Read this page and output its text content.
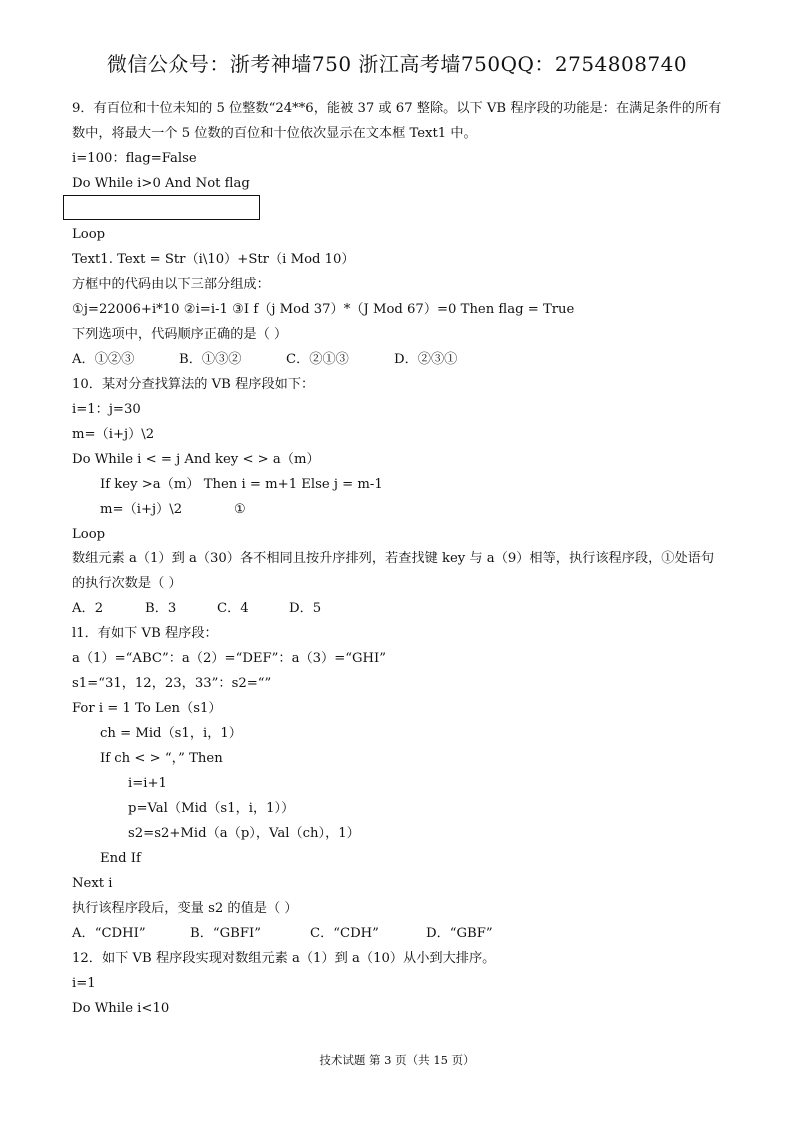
微信公众号：浙考神墙750 浙江高考墙750QQ：2754808740
9．有百位和十位未知的 5 位整数“24**6，能被 37 或 67 整除。以下 VB 程序段的功能是：在满足条件的所有数中，将最大一个 5 位数的百位和十位依次显示在文本框 Text1 中。
i=100：flag=False
Do While i>0 And Not flag
Loop
Text1. Text = Str（i\10）+Str（i Mod 10）
方框中的代码由以下三部分组成：
①j=22006+i*10 ②i=i-1 ③I f（j Mod 37）*（J Mod 67）=0 Then flag = True
下列选项中，代码顺序正确的是（ ）
A．①②③	B．①③②	C．②①③	D．②③①
10．某对分查找算法的 VB 程序段如下：
i=1：j=30
m=（i+j）\2
Do While i < = j And key < > a（m）
If key >a（m） Then i = m+1 Else j = m-1
m=（i+j）\2	①
Loop
数组元素 a（1）到 a（30）各不相同且按升序排列，若查找键 key 与 a（9）相等，执行该程序段，①处语句的执行次数是（ ）
A．2	B．3	C．4	D．5
l1．有如下 VB 程序段：
a（1）=“ABC”：a（2）=“DEF”：a（3）=“GHI”
s1=“31，12，23，33”：s2=“”
For i = 1 To Len（s1）
ch = Mid（s1，i，1）
If ch < > “，” Then
i=i+1
p=Val（Mid（s1，i，1））
s2=s2+Mid（a（p），Val（ch），1）
End If
Next i
执行该程序段后，变量 s2 的值是（ ）
A．“CDHI”	B．“GBFI”	C．“CDH”	D．“GBF”
12．如下 VB 程序段实现对数组元素 a（1）到 a（10）从小到大排序。
i=1
Do While i<10
技术试题 第 3 页（共 15 页）
